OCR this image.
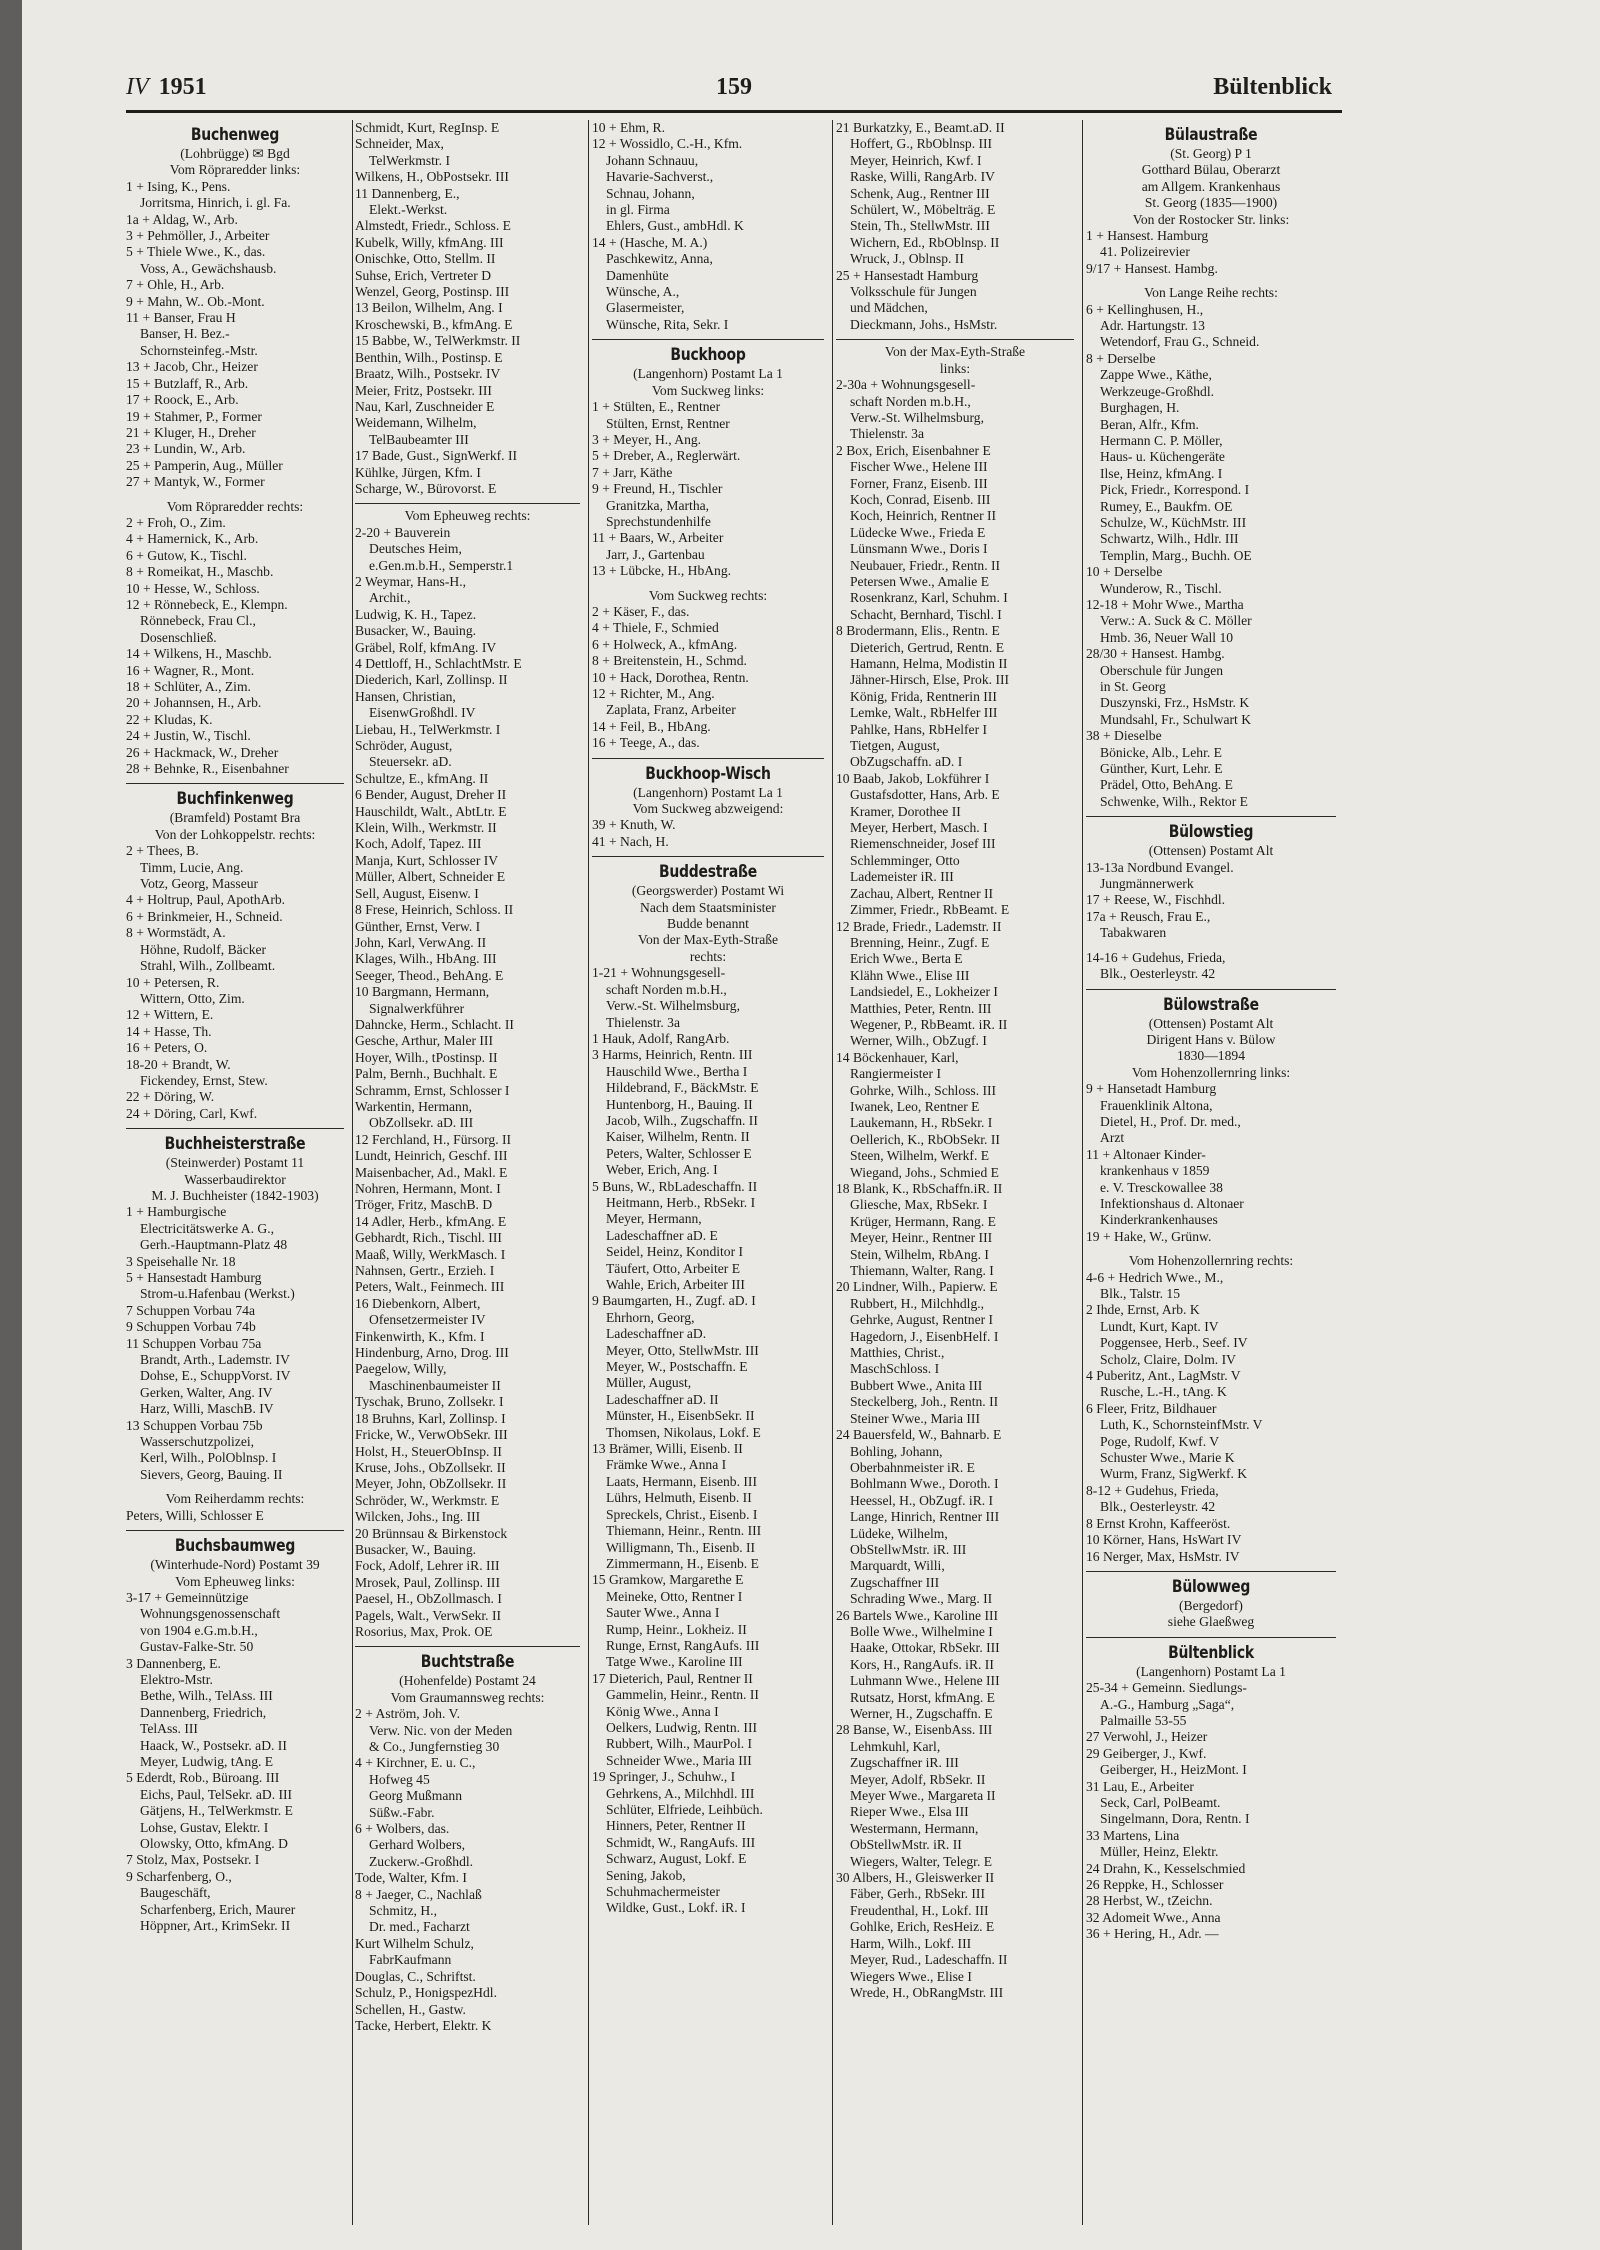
IV 1951	159	Bültenblick
Buchenweg
(Lohbrügge) ✉ Bgd
Vom Röpraredder links:
1 + Ising, K., Pens.
Jorritsma, Hinrich, i. gl. Fa.
1a + Aldag, W., Arb.
3 + Pehmöller, J., Arbeiter
5 + Thiele Wwe., K., das.
Voss, A., Gewächshausb.
7 + Ohle, H., Arb.
9 + Mahn, W.. Ob.-Mont.
11 + Banser, Frau H
Banser, H. Bez.-
Schornsteinfeg.-Mstr.
13 + Jacob, Chr., Heizer
15 + Butzlaff, R., Arb.
17 + Roock, E., Arb.
19 + Stahmer, P., Former
21 + Kluger, H., Dreher
23 + Lundin, W., Arb.
25 + Pamperin, Aug., Müller
27 + Mantyk, W., Former
Vom Röpraredder rechts:
2 + Froh, O., Zim.
4 + Hamernick, K., Arb.
6 + Gutow, K., Tischl.
8 + Romeikat, H., Maschb.
10 + Hesse, W., Schloss.
12 + Rönnebeck, E., Klempn.
Rönnebeck, Frau Cl.,
Dosenschließ.
14 + Wilkens, H., Maschb.
16 + Wagner, R., Mont.
18 + Schlüter, A., Zim.
20 + Johannsen, H., Arb.
22 + Kludas, K.
24 + Justin, W., Tischl.
26 + Hackmack, W., Dreher
28 + Behnke, R., Eisenbahner
Buchfinkenweg
(Bramfeld) Postamt Bra
Von der Lohkoppelstr. rechts:
2 + Thees, B.
Timm, Lucie, Ang.
Votz, Georg, Masseur
4 + Holtrup, Paul, ApothArb.
6 + Brinkmeier, H., Schneid.
8 + Wormstädt, A.
Höhne, Rudolf, Bäcker
Strahl, Wilh., Zollbeamt.
10 + Petersen, R.
Wittern, Otto, Zim.
12 + Wittern, E.
14 + Hasse, Th.
16 + Peters, O.
18-20 + Brandt, W.
Fickendey, Ernst, Stew.
22 + Döring, W.
24 + Döring, Carl, Kwf.
Buchheisterstraße
(Steinwerder) Postamt 11
Wasserbaudirektor
M. J. Buchheister (1842-1903)
1 + Hamburgische
Electricitätswerke A. G.,
Gerh.-Hauptmann-Platz 48
3 Speisehalle Nr. 18
5 + Hansestadt Hamburg
Strom-u.Hafenbau (Werkst.)
7 Schuppen Vorbau 74a
9 Schuppen Vorbau 74b
11 Schuppen Vorbau 75a
Brandt, Arth., Lademstr. IV
Dohse, E., SchuppVorst. IV
Gerken, Walter, Ang. IV
Harz, Willi, MaschB. IV
13 Schuppen Vorbau 75b
Wasserschutzpolizei,
Kerl, Wilh., PolOblnsp. I
Sievers, Georg, Bauing. II
Vom Reiherdamm rechts:
Peters, Willi, Schlosser E
Buchsbaumweg
(Winterhude-Nord) Postamt 39
Vom Epheuweg links:
3-17 + Gemeinnützige
Wohnungsgenossenschaft
von 1904 e.G.m.b.H.,
Gustav-Falke-Str. 50
3 Dannenberg, E.
Elektro-Mstr.
Bethe, Wilh., TelAss. III
Dannenberg, Friedrich,
TelAss. III
Haack, W., Postsekr. aD. II
Meyer, Ludwig, tAng. E
5 Ederdt, Rob., Büroang. III
Eichs, Paul, TelSekr. aD. III
Gätjens, H., TelWerkmstr. E
Lohse, Gustav, Elektr. I
Olowsky, Otto, kfmAng. D
7 Stolz, Max, Postsekr. I
9 Scharfenberg, O.,
Baugeschäft,
Scharfenberg, Erich, Maurer
Höppner, Art., KrimSekr. II
Schmidt, Kurt, RegInsp. E
Schneider, Max,
TelWerkmstr. I
Wilkens, H., ObPostsekr. III
11 Dannenberg, E.,
Elekt.-Werkst.
Almstedt, Friedr., Schloss. E
Kubelk, Willy, kfmAng. III
Onischke, Otto, Stellm. II
Suhse, Erich, Vertreter D
Wenzel, Georg, Postinsp. III
13 Beilon, Wilhelm, Ang. I
Kroschewski, B., kfmAng. E
15 Babbe, W., TelWerkmstr. II
Benthin, Wilh., Postinsp. E
Braatz, Wilh., Postsekr. IV
Meier, Fritz, Postsekr. III
Nau, Karl, Zuschneider E
Weidemann, Wilhelm,
TelBaubeamter III
17 Bade, Gust., SignWerkf. II
Kühlke, Jürgen, Kfm. I
Scharge, W., Bürovorst. E
Vom Epheuweg rechts:
2-20 + Bauverein
Deutsches Heim,
e.Gen.m.b.H., Semperstr.1
2 Weymar, Hans-H.,
Archit.,
Ludwig, K. H., Tapez.
Busacker, W., Bauing.
Gräbel, Rolf, kfmAng. IV
4 Dettloff, H., SchlachtMstr. E
Diederich, Karl, Zollinsp. II
Hansen, Christian,
EisenwGroßhdl. IV
Liebau, H., TelWerkmstr. I
Schröder, August,
Steuersekr. aD.
Schultze, E., kfmAng. II
6 Bender, August, Dreher II
Hauschildt, Walt., AbtLtr. E
Klein, Wilh., Werkmstr. II
Koch, Adolf, Tapez. III
Manja, Kurt, Schlosser IV
Müller, Albert, Schneider E
Sell, August, Eisenw. I
8 Frese, Heinrich, Schloss. II
Günther, Ernst, Verw. I
John, Karl, VerwAng. II
Klages, Wilh., HbAng. III
Seeger, Theod., BehAng. E
10 Bargmann, Hermann,
Signalwerkführer
Dahncke, Herm., Schlacht. II
Gesche, Arthur, Maler III
Hoyer, Wilh., tPostinsp. II
Palm, Bernh., Buchhalt. E
Schramm, Ernst, Schlosser I
Warkentin, Hermann,
ObZollsekr. aD. III
12 Ferchland, H., Fürsorg. II
Lundt, Heinrich, Geschf. III
Maisenbacher, Ad., Makl. E
Nohren, Hermann, Mont. I
Tröger, Fritz, MaschB. D
14 Adler, Herb., kfmAng. E
Gebhardt, Rich., Tischl. III
Maaß, Willy, WerkMasch. I
Nahnsen, Gertr., Erzieh. I
Peters, Walt., Feinmech. III
16 Diebenkorn, Albert,
Ofensetzermeister IV
Finkenwirth, K., Kfm. I
Hindenburg, Arno, Drog. III
Paegelow, Willy,
Maschinenbaumeister II
Tyschak, Bruno, Zollsekr. I
18 Bruhns, Karl, Zollinsp. I
Fricke, W., VerwObSekr. III
Holst, H., SteuerObInsp. II
Kruse, Johs., ObZollsekr. II
Meyer, John, ObZollsekr. II
Schröder, W., Werkmstr. E
Wilcken, Johs., Ing. III
20 Brünnsau & Birkenstock
Busacker, W., Bauing.
Fock, Adolf, Lehrer iR. III
Mrosek, Paul, Zollinsp. III
Paesel, H., ObZollmasch. I
Pagels, Walt., VerwSekr. II
Rosorius, Max, Prok. OE
Buchtstraße
(Hohenfelde) Postamt 24
Vom Graumannsweg rechts:
2 + Aström, Joh. V.
Verw. Nic. von der Meden
& Co., Jungfernstieg 30
4 + Kirchner, E. u. C.,
Hofweg 45
Georg Mußmann
Süßw.-Fabr.
6 + Wolbers, das.
Gerhard Wolbers,
Zuckerw.-Großhdl.
Tode, Walter, Kfm. I
8 + Jaeger, C., Nachlaß
Schmitz, H.,
Dr. med., Facharzt
Kurt Wilhelm Schulz,
FabrKaufmann
Douglas, C., Schriftst.
Schulz, P., HonigspezHdl.
Schellen, H., Gastw.
Tacke, Herbert, Elektr. K
10 + Ehm, R.
12 + Wossidlo, C.-H., Kfm.
Johann Schnauu,
Havarie-Sachverst.,
Schnau, Johann,
in gl. Firma
Ehlers, Gust., ambHdl. K
14 + (Hasche, M. A.)
Paschkewitz, Anna,
Damenhüte
Wünsche, A.,
Glasermeister,
Wünsche, Rita, Sekr. I
Buckhoop
(Langenhorn) Postamt La 1
Vom Suckweg links:
1 + Stülten, E., Rentner
Stülten, Ernst, Rentner
3 + Meyer, H., Ang.
5 + Dreber, A., Reglerwärt.
7 + Jarr, Käthe
9 + Freund, H., Tischler
Granitzka, Martha,
Sprechstundenhilfe
11 + Baars, W., Arbeiter
Jarr, J., Gartenbau
13 + Lübcke, H., HbAng.
Vom Suckweg rechts:
2 + Käser, F., das.
4 + Thiele, F., Schmied
6 + Holweck, A., kfmAng.
8 + Breitenstein, H., Schmd.
10 + Hack, Dorothea, Rentn.
12 + Richter, M., Ang.
Zaplata, Franz, Arbeiter
14 + Feil, B., HbAng.
16 + Teege, A., das.
Buckhoop-Wisch
(Langenhorn) Postamt La 1
Vom Suckweg abzweigend:
39 + Knuth, W.
41 + Nach, H.
Buddestraße
(Georgswerder) Postamt Wi
Nach dem Staatsminister
Budde benannt
Von der Max-Eyth-Straße
rechts:
1-21 + Wohnungsgesell-
schaft Norden m.b.H.,
Verw.-St. Wilhelmsburg,
Thielenstr. 3a
1 Hauk, Adolf, RangArb.
3 Harms, Heinrich, Rentn. III
Hauschild Wwe., Bertha I
Hildebrand, F., BäckMstr. E
Huntenborg, H., Bauing. II
Jacob, Wilh., Zugschaffn. II
Kaiser, Wilhelm, Rentn. II
Peters, Walter, Schlosser E
Weber, Erich, Ang. I
5 Buns, W., RbLadeschaffn. II
Heitmann, Herb., RbSekr. I
Meyer, Hermann,
Ladeschaffner aD. E
Seidel, Heinz, Konditor I
Täufert, Otto, Arbeiter E
Wahle, Erich, Arbeiter III
9 Baumgarten, H., Zugf. aD. I
Ehrhorn, Georg,
Ladeschaffner aD.
Meyer, Otto, StellwMstr. III
Meyer, W., Postschaffn. E
Müller, August,
Ladeschaffner aD. II
Münster, H., EisenbSekr. II
Thomsen, Nikolaus, Lokf. E
13 Brämer, Willi, Eisenb. II
Främke Wwe., Anna I
Laats, Hermann, Eisenb. III
Lührs, Helmuth, Eisenb. II
Spreckels, Christ., Eisenb. I
Thiemann, Heinr., Rentn. III
Willigmann, Th., Eisenb. II
Zimmermann, H., Eisenb. E
15 Gramkow, Margarethe E
Meineke, Otto, Rentner I
Sauter Wwe., Anna I
Rump, Heinr., Lokheiz. II
Runge, Ernst, RangAufs. III
Tatge Wwe., Karoline III
17 Dieterich, Paul, Rentner II
Gammelin, Heinr., Rentn. II
König Wwe., Anna I
Oelkers, Ludwig, Rentn. III
Rubbert, Wilh., MaurPol. I
Schneider Wwe., Maria III
19 Springer, J., Schuhw., I
Gehrkens, A., Milchhdl. III
Schlüter, Elfriede, Leihbüch.
Hinners, Peter, Rentner II
Schmidt, W., RangAufs. III
Schwarz, August, Lokf. E
Sening, Jakob,
Schuhmachermeister
Wildke, Gust., Lokf. iR. I
21 Burkatzky, E., Beamt.aD. II
Hoffert, G., RbOblnsp. III
Meyer, Heinrich, Kwf. I
Raske, Willi, RangArb. IV
Schenk, Aug., Rentner III
Schülert, W., Möbelträg. E
Stein, Th., StellwMstr. III
Wichern, Ed., RbOblnsp. II
Wruck, J., Oblnsp. II
25 + Hansestadt Hamburg
Volksschule für Jungen
und Mädchen,
Dieckmann, Johs., HsMstr.
Von der Max-Eyth-Straße
links:
2-30a + Wohnungsgesell-
schaft Norden m.b.H.,
Verw.-St. Wilhelmsburg,
Thielenstr. 3a
2 Box, Erich, Eisenbahner E
Fischer Wwe., Helene III
Forner, Franz, Eisenb. III
Koch, Conrad, Eisenb. III
Koch, Heinrich, Rentner II
Lüdecke Wwe., Frieda E
Lünsmann Wwe., Doris I
Neubauer, Friedr., Rentn. II
Petersen Wwe., Amalie E
Rosenkranz, Karl, Schuhm. I
Schacht, Bernhard, Tischl. I
8 Brodermann, Elis., Rentn. E
Dieterich, Gertrud, Rentn. E
Hamann, Helma, Modistin II
Jähner-Hirsch, Else, Prok. III
König, Frida, Rentnerin III
Lemke, Walt., RbHelfer III
Pahlke, Hans, RbHelfer I
Tietgen, August,
ObZugschaffn. aD. I
10 Baab, Jakob, Lokführer I
Gustafsdotter, Hans, Arb. E
Kramer, Dorothee II
Meyer, Herbert, Masch. I
Riemenschneider, Josef III
Schlemminger, Otto
Lademeister iR. III
Zachau, Albert, Rentner II
Zimmer, Friedr., RbBeamt. E
12 Brade, Friedr., Lademstr. II
Brenning, Heinr., Zugf. E
Erich Wwe., Berta E
Klähn Wwe., Elise III
Landsiedel, E., Lokheizer I
Matthies, Peter, Rentn. III
Wegener, P., RbBeamt. iR. II
Werner, Wilh., ObZugf. I
14 Böckenhauer, Karl,
Rangiermeister I
Gohrke, Wilh., Schloss. III
Iwanek, Leo, Rentner E
Laukemann, H., RbSekr. I
Oellerich, K., RbObSekr. II
Steen, Wilhelm, Werkf. E
Wiegand, Johs., Schmied E
18 Blank, K., RbSchaffn.iR. II
Gliesche, Max, RbSekr. I
Krüger, Hermann, Rang. E
Meyer, Heinr., Rentner III
Stein, Wilhelm, RbAng. I
Thiemann, Walter, Rang. I
20 Lindner, Wilh., Papierw. E
Rubbert, H., Milchhdlg.,
Gehrke, August, Rentner I
Hagedorn, J., EisenbHelf. I
Matthies, Christ.,
MaschSchloss. I
Bubbert Wwe., Anita III
Steckelberg, Joh., Rentn. II
Steiner Wwe., Maria III
24 Bauersfeld, W., Bahnarb. E
Bohling, Johann,
Oberbahnmeister iR. E
Bohlmann Wwe., Doroth. I
Heessel, H., ObZugf. iR. I
Lange, Hinrich, Rentner III
Lüdeke, Wilhelm,
ObStellwMstr. iR. III
Marquardt, Willi,
Zugschaffner III
Schrading Wwe., Marg. II
26 Bartels Wwe., Karoline III
Bolle Wwe., Wilhelmine I
Haake, Ottokar, RbSekr. III
Kors, H., RangAufs. iR. II
Luhmann Wwe., Helene III
Rutsatz, Horst, kfmAng. E
Werner, H., Zugschaffn. E
28 Banse, W., EisenbAss. III
Lehmkuhl, Karl,
Zugschaffner iR. III
Meyer, Adolf, RbSekr. II
Meyer Wwe., Margareta II
Rieper Wwe., Elsa III
Westermann, Hermann,
ObStellwMstr. iR. II
Wiegers, Walter, Telegr. E
30 Albers, H., Gleiswerker II
Fäber, Gerh., RbSekr. III
Freudenthal, H., Lokf. III
Gohlke, Erich, ResHeiz. E
Harm, Wilh., Lokf. III
Meyer, Rud., Ladeschaffn. II
Wiegers Wwe., Elise I
Wrede, H., ObRangMstr. III
Bülaustraße
(St. Georg) P 1
Gotthard Bülau, Oberarzt
am Allgem. Krankenhaus
St. Georg (1835—1900)
Von der Rostocker Str. links:
1 + Hansest. Hamburg
41. Polizeirevier
9/17 + Hansest. Hambg.
Von Lange Reihe rechts:
6 + Kellinghusen, H.,
Adr. Hartungstr. 13
Wetendorf, Frau G., Schneid.
8 + Derselbe
Zappe Wwe., Käthe,
Werkzeuge-Großhdl.
Burghagen, H.
Beran, Alfr., Kfm.
Hermann C. P. Möller,
Haus- u. Küchengeräte
Ilse, Heinz, kfmAng. I
Pick, Friedr., Korrespond. I
Rumey, E., Baukfm. OE
Schulze, W., KüchMstr. III
Schwartz, Wilh., Hdlr. III
Templin, Marg., Buchh. OE
10 + Derselbe
Wunderow, R., Tischl.
12-18 + Mohr Wwe., Martha
Verw.: A. Suck & C. Möller
Hmb. 36, Neuer Wall 10
28/30 + Hansest. Hambg.
Oberschule für Jungen
in St. Georg
Duszynski, Frz., HsMstr. K
Mundsahl, Fr., Schulwart K
38 + Dieselbe
Bönicke, Alb., Lehr. E
Günther, Kurt, Lehr. E
Prädel, Otto, BehAng. E
Schwenke, Wilh., Rektor E
Bülowstieg
(Ottensen) Postamt Alt
13-13a Nordbund Evangel.
Jungmännerwerk
17 + Reese, W., Fischhdl.
17a + Reusch, Frau E.,
Tabakwaren
14-16 + Gudehus, Frieda,
Blk., Oesterleystr. 42
Bülowstraße
(Ottensen) Postamt Alt
Dirigent Hans v. Bülow
1830—1894
Vom Hohenzollernring links:
9 + Hansetadt Hamburg
Frauenklinik Altona,
Dietel, H., Prof. Dr. med.,
Arzt
11 + Altonaer Kinder-
krankenhaus v 1859
e. V. Tresckowallee 38
Infektionshaus d. Altonaer
Kinderkrankenhauses
19 + Hake, W., Grünw.
Vom Hohenzollernring rechts:
4-6 + Hedrich Wwe., M.,
Blk., Talstr. 15
2 Ihde, Ernst, Arb. K
Lundt, Kurt, Kapt. IV
Poggensee, Herb., Seef. IV
Scholz, Claire, Dolm. IV
4 Puberitz, Ant., LagMstr. V
Rusche, L.-H., tAng. K
6 Fleer, Fritz, Bildhauer
Luth, K., SchornsteinfMstr. V
Poge, Rudolf, Kwf. V
Schuster Wwe., Marie K
Wurm, Franz, SigWerkf. K
8-12 + Gudehus, Frieda,
Blk., Oesterleystr. 42
8 Ernst Krohn, Kaffeeröst.
10 Körner, Hans, HsWart IV
16 Nerger, Max, HsMstr. IV
Bülowweg
(Bergedorf)
siehe Glaeßweg
Bültenblick
(Langenhorn) Postamt La 1
25-34 + Gemeinn. Siedlungs-
A.-G., Hamburg „Saga“,
Palmaille 53-55
27 Verwohl, J., Heizer
29 Geiberger, J., Kwf.
Geiberger, H., HeizMont. I
31 Lau, E., Arbeiter
Seck, Carl, PolBeamt.
Singelmann, Dora, Rentn. I
33 Martens, Lina
Müller, Heinz, Elektr.
24 Drahn, K., Kesselschmied
26 Reppke, H., Schlosser
28 Herbst, W., tZeichn.
32 Adomeit Wwe., Anna
36 + Hering, H., Adr. —
